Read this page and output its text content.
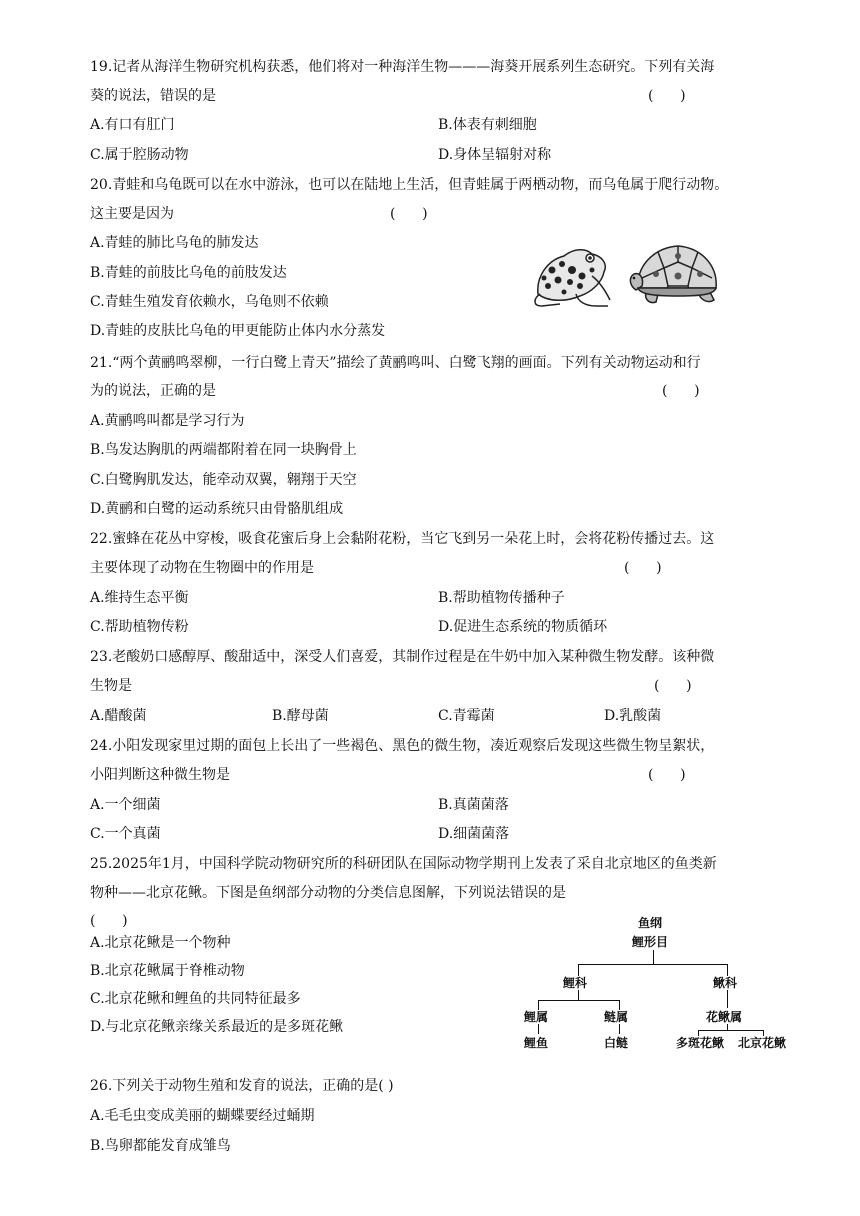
19.记者从海洋生物研究机构获悉，他们将对一种海洋生物———海葵开展系列生态研究。下列有关海
葵的说法，错误的是	(      )
A.有口有肛门	B.体表有刺细胞
C.属于腔肠动物	D.身体呈辐射对称
20.青蛙和乌龟既可以在水中游泳，也可以在陆地上生活，但青蛙属于两栖动物，而乌龟属于爬行动物。
这主要是因为	(      )
A.青蛙的肺比乌龟的肺发达
B.青蛙的前肢比乌龟的前肢发达
C.青蛙生殖发育依赖水，乌龟则不依赖
D.青蛙的皮肤比乌龟的甲更能防止体内水分蒸发
21.“两个黄鹂鸣翠柳，一行白鹭上青天”描绘了黄鹂鸣叫、白鹭飞翔的画面。下列有关动物运动和行
为的说法，正确的是	(      )
A.黄鹂鸣叫都是学习行为
B.鸟发达胸肌的两端都附着在同一块胸骨上
C.白鹭胸肌发达，能牵动双翼，翱翔于天空
D.黄鹂和白鹭的运动系统只由骨骼肌组成
22.蜜蜂在花丛中穿梭，吸食花蜜后身上会黏附花粉，当它飞到另一朵花上时，会将花粉传播过去。这
主要体现了动物在生物圈中的作用是	(      )
A.维持生态平衡	B.帮助植物传播种子
C.帮助植物传粉	D.促进生态系统的物质循环
23.老酸奶口感醇厚、酸甜适中，深受人们喜爱，其制作过程是在牛奶中加入某种微生物发酵。该种微
生物是	(      )
A.醋酸菌	B.酵母菌	C.青霉菌	D.乳酸菌
24.小阳发现家里过期的面包上长出了一些褐色、黑色的微生物，凑近观察后发现这些微生物呈絮状，
小阳判断这种微生物是	(      )
A.一个细菌	B.真菌菌落
C.一个真菌	D.细菌菌落
25.2025年1月，中国科学院动物研究所的科研团队在国际动物学期刊上发表了采自北京地区的鱼类新
物种——北京花鳅。下图是鱼纲部分动物的分类信息图解，下列说法错误的是
(      )
A.北京花鳅是一个物种
B.北京花鳅属于脊椎动物
C.北京花鳅和鲤鱼的共同特征最多
D.与北京花鳅亲缘关系最近的是多斑花鳅
鱼纲
鲤形目
鲤科	鳅科
鲤属	鲢属	花鳅属
鲤鱼	白鲢	多斑花鳅 北京花鳅
26.下列关于动物生殖和发育的说法，正确的是( )
A.毛毛虫变成美丽的蝴蝶要经过蛹期
B.鸟卵都能发育成雏鸟
